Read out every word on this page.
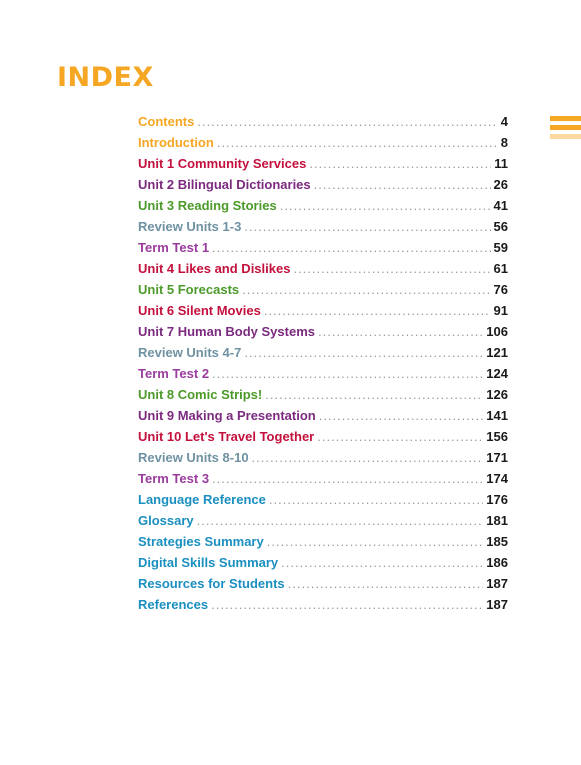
INDEX
Contents .....	4
Introduction .....	8
Unit 1 Community Services .....	11
Unit 2 Bilingual Dictionaries .....	26
Unit 3 Reading Stories .....	41
Review Units 1-3 .....	56
Term Test 1 .....	59
Unit 4 Likes and Dislikes .....	61
Unit 5 Forecasts .....	76
Unit 6 Silent Movies .....	91
Unit 7 Human Body Systems .....	106
Review Units 4-7 .....	121
Term Test 2 .....	124
Unit 8 Comic Strips! .....	126
Unit 9 Making a Presentation .....	141
Unit 10 Let's Travel Together .....	156
Review Units 8-10 .....	171
Term Test 3 .....	174
Language Reference .....	176
Glossary .....	181
Strategies Summary .....	185
Digital Skills Summary .....	186
Resources for Students .....	187
References .....	187
